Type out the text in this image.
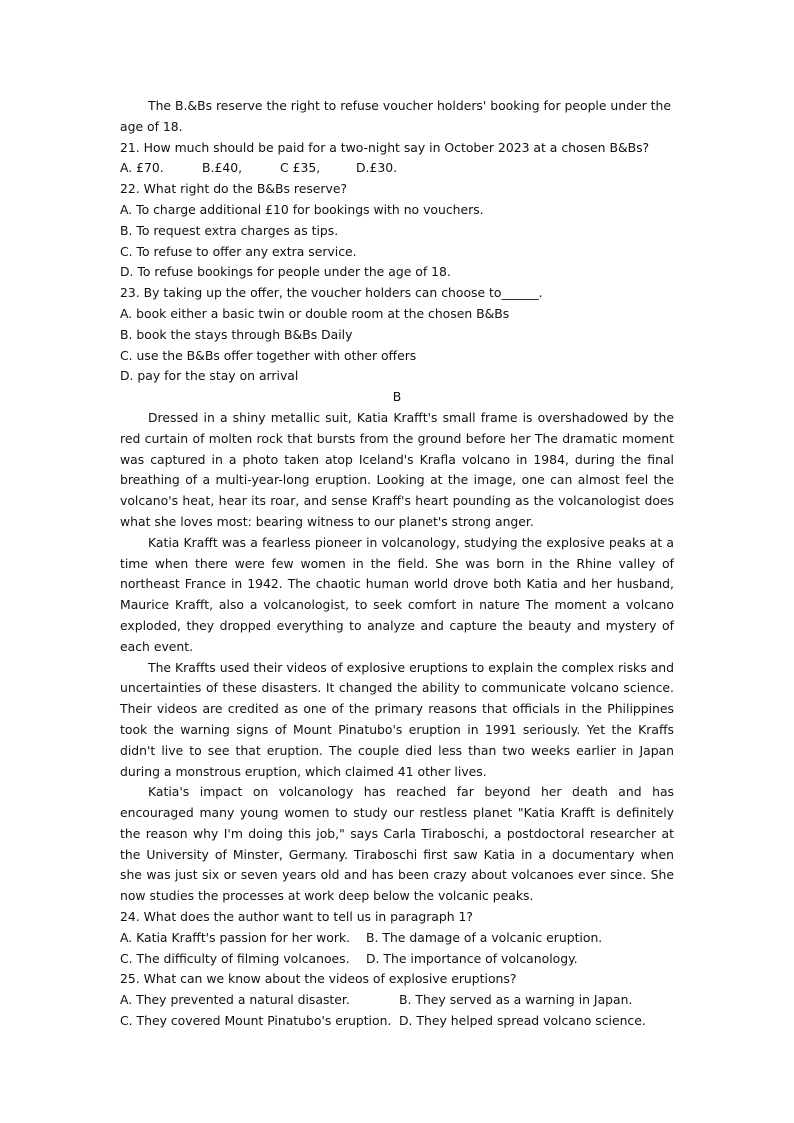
The B.&Bs reserve the right to refuse voucher holders' booking for people under the age of 18.

21. How much should be paid for a two-night say in October 2023 at a chosen B&Bs?

A. £70.	B.£40,	C £35,	D.£30.

22. What right do the B&Bs reserve?

A. To charge additional £10 for bookings with no vouchers.

B. To request extra charges as tips.

C. To refuse to offer any extra service.

D. To refuse bookings for people under the age of 18.

23. By taking up the offer, the voucher holders can choose to______.

A. book either a basic twin or double room at the chosen B&Bs

B. book the stays through B&Bs Daily

C. use the B&Bs offer together with other offers

D. pay for the stay on arrival

B

Dressed in a shiny metallic suit, Katia Krafft's small frame is overshadowed by the red curtain of molten rock that bursts from the ground before her The dramatic moment was captured in a photo taken atop Iceland's Krafla volcano in 1984, during the final breathing of a multi-year-long eruption. Looking at the image, one can almost feel the volcano's heat, hear its roar, and sense Kraff's heart pounding as the volcanologist does what she loves most: bearing witness to our planet's strong anger.

Katia Krafft was a fearless pioneer in volcanology, studying the explosive peaks at a time when there were few women in the field. She was born in the Rhine valley of northeast France in 1942. The chaotic human world drove both Katia and her husband, Maurice Krafft, also a volcanologist, to seek comfort in nature The moment a volcano exploded, they dropped everything to analyze and capture the beauty and mystery of each event.

The Kraffts used their videos of explosive eruptions to explain the complex risks and uncertainties of these disasters. It changed the ability to communicate volcano science. Their videos are credited as one of the primary reasons that officials in the Philippines took the warning signs of Mount Pinatubo's eruption in 1991 seriously. Yet the Kraffs didn't live to see that eruption. The couple died less than two weeks earlier in Japan during a monstrous eruption, which claimed 41 other lives.

Katia's impact on volcanology has reached far beyond her death and has encouraged many young women to study our restless planet "Katia Krafft is definitely the reason why I'm doing this job," says Carla Tiraboschi, a postdoctoral researcher at the University of Minster, Germany. Tiraboschi first saw Katia in a documentary when she was just six or seven years old and has been crazy about volcanoes ever since. She now studies the processes at work deep below the volcanic peaks.

24. What does the author want to tell us in paragraph 1?

A. Katia Krafft's passion for her work.	B. The damage of a volcanic eruption.
C. The difficulty of filming volcanoes.	D. The importance of volcanology.

25. What can we know about the videos of explosive eruptions?

A. They prevented a natural disaster.	B. They served as a warning in Japan.
C. They covered Mount Pinatubo's eruption. D. They helped spread volcano science.
